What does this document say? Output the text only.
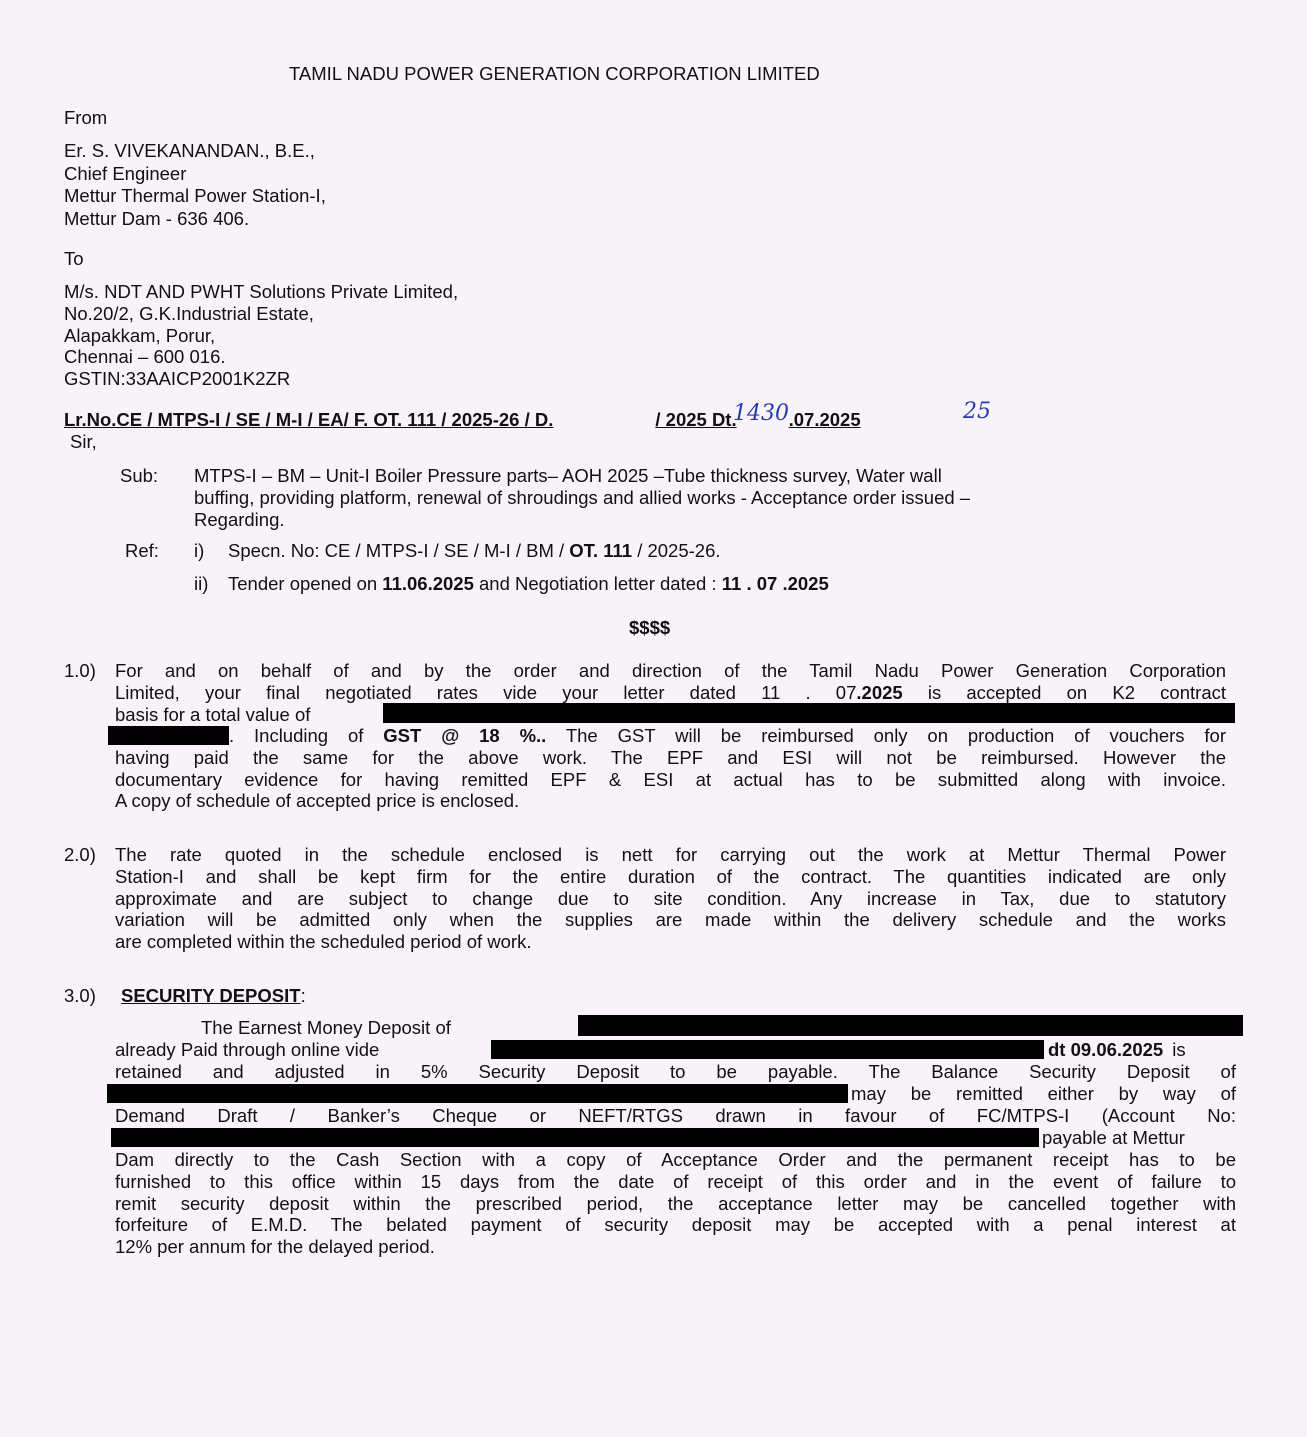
TAMIL NADU POWER GENERATION CORPORATION LIMITED
From
Er. S. VIVEKANANDAN., B.E.,
Chief Engineer
Mettur Thermal Power Station-I,
Mettur Dam - 636 406.
To
M/s. NDT AND PWHT Solutions Private Limited,
No.20/2, G.K.Industrial Estate,
Alapakkam, Porur,
Chennai – 600 016.
GSTIN:33AAICP2001K2ZR
Lr.No.CE / MTPS-I / SE / M-I / EA/ F. OT. 111 / 2025-26 / D.	/ 2025 Dt.	.07.2025
1430	25
Sir,
Sub: MTPS-I – BM – Unit-I Boiler Pressure parts– AOH 2025 –Tube thickness survey, Water wall
buffing, providing platform, renewal of shroudings and allied works - Acceptance order issued –
Regarding.
Ref: i) Specn. No: CE / MTPS-I / SE / M-I / BM / OT. 111 / 2025-26.
ii) Tender opened on 11.06.2025 and Negotiation letter dated : 11 . 07 .2025
$$$$
1.0) For and on behalf of and by the order and direction of the Tamil Nadu Power Generation Corporation
Limited, your final negotiated rates vide your letter dated 11 . 07.2025 is accepted on K2 contract
basis for a total value of
. Including of GST @ 18 %.. The GST will be reimbursed only on production of vouchers for
having paid the same for the above work. The EPF and ESI will not be reimbursed. However the
documentary evidence for having remitted EPF & ESI at actual has to be submitted along with invoice.
A copy of schedule of accepted price is enclosed.
2.0) The rate quoted in the schedule enclosed is nett for carrying out the work at Mettur Thermal Power
Station-I and shall be kept firm for the entire duration of the contract. The quantities indicated are only
approximate and are subject to change due to site condition. Any increase in Tax, due to statutory
variation will be admitted only when the supplies are made within the delivery schedule and the works
are completed within the scheduled period of work.
3.0) SECURITY DEPOSIT:
The Earnest Money Deposit of
already Paid through online vide	dt 09.06.2025 is
retained and adjusted in 5% Security Deposit to be payable. The Balance Security Deposit of
may be remitted either by way of
Demand Draft / Banker’s Cheque or NEFT/RTGS drawn in favour of FC/MTPS-I (Account No:
payable at Mettur
Dam directly to the Cash Section with a copy of Acceptance Order and the permanent receipt has to be
furnished to this office within 15 days from the date of receipt of this order and in the event of failure to
remit security deposit within the prescribed period, the acceptance letter may be cancelled together with
forfeiture of E.M.D. The belated payment of security deposit may be accepted with a penal interest at
12% per annum for the delayed period.
